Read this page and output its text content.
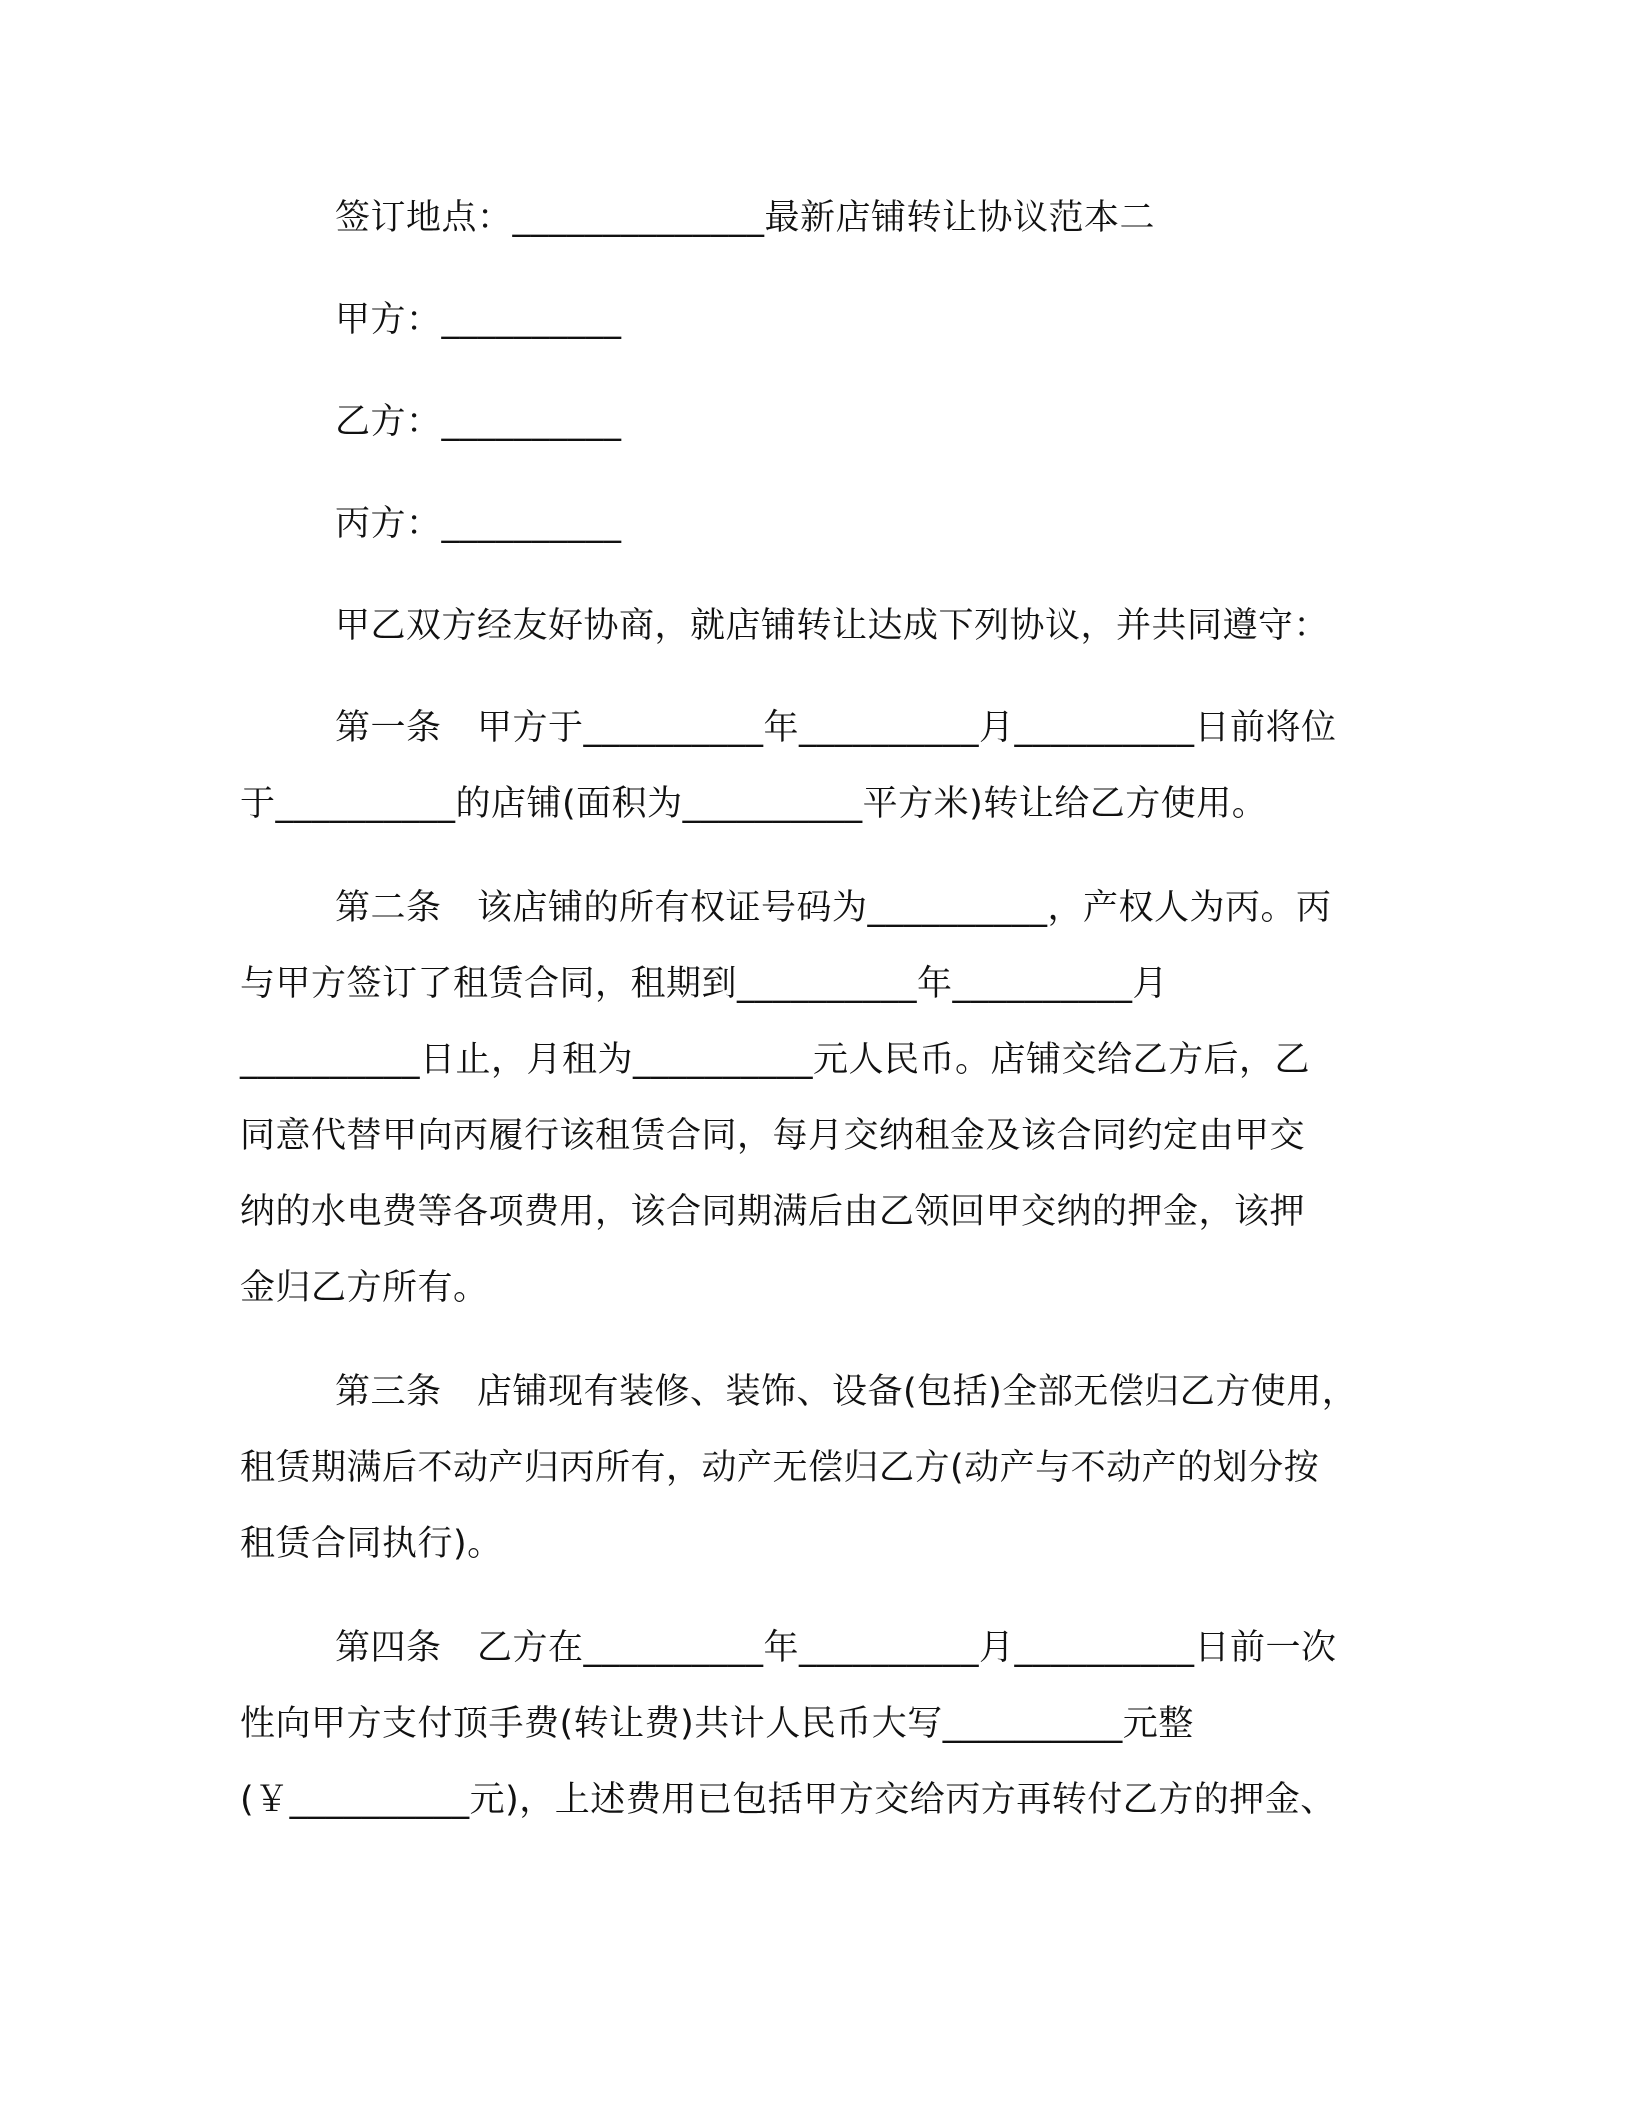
签订地点：______________最新店铺转让协议范本二
甲方：__________
乙方：__________
丙方：__________
甲乙双方经友好协商，就店铺转让达成下列协议，并共同遵守：
第一条　甲方于__________年__________月__________日前将位
于__________的店铺(面积为__________平方米)转让给乙方使用。
第二条　该店铺的所有权证号码为__________，产权人为丙。丙
与甲方签订了租赁合同，租期到__________年__________月
__________日止，月租为__________元人民币。店铺交给乙方后，乙
同意代替甲向丙履行该租赁合同，每月交纳租金及该合同约定由甲交
纳的水电费等各项费用，该合同期满后由乙领回甲交纳的押金，该押
金归乙方所有。
第三条　店铺现有装修、装饰、设备(包括)全部无偿归乙方使用，
租赁期满后不动产归丙所有，动产无偿归乙方(动产与不动产的划分按
租赁合同执行)。
第四条　乙方在__________年__________月__________日前一次
性向甲方支付顶手费(转让费)共计人民币大写__________元整
(￥__________元)，上述费用已包括甲方交给丙方再转付乙方的押金、
